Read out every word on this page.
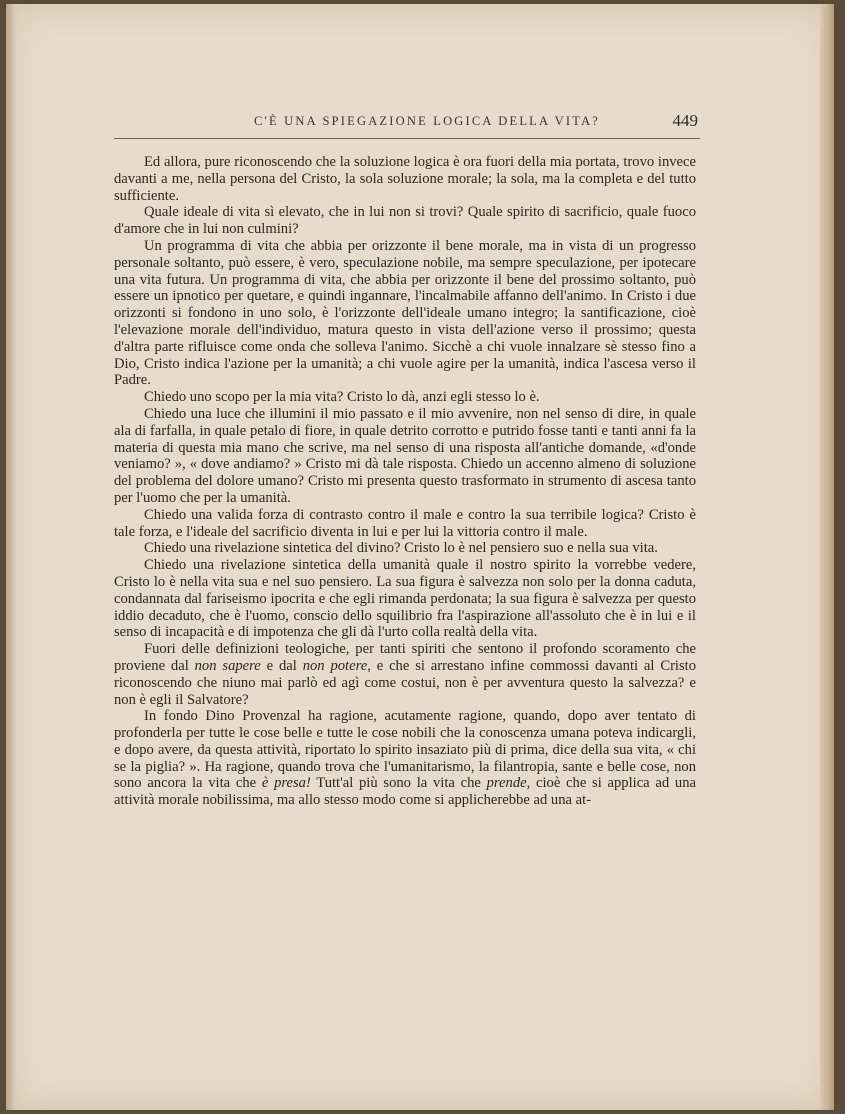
C'È UNA SPIEGAZIONE LOGICA DELLA VITA?	449

Ed allora, pure riconoscendo che la soluzione logica è ora fuori della mia portata, trovo invece davanti a me, nella persona del Cristo, la sola soluzione morale; la sola, ma la completa e del tutto sufficiente.

Quale ideale di vita sì elevato, che in lui non si trovi? Quale spirito di sacrificio, quale fuoco d'amore che in lui non culmini?

Un programma di vita che abbia per orizzonte il bene morale, ma in vista di un progresso personale soltanto, può essere, è vero, speculazione nobile, ma sempre speculazione, per ipotecare una vita futura. Un programma di vita, che abbia per orizzonte il bene del prossimo soltanto, può essere un ipnotico per quetare, e quindi ingannare, l'incalmabile affanno dell'animo. In Cristo i due orizzonti si fondono in uno solo, è l'orizzonte dell'ideale umano integro; la santificazione, cioè l'elevazione morale dell'individuo, matura questo in vista dell'azione verso il prossimo; questa d'altra parte rifluisce come onda che solleva l'animo. Sicchè a chi vuole innalzare sè stesso fino a Dio, Cristo indica l'azione per la umanità; a chi vuole agire per la umanità, indica l'ascesa verso il Padre.

Chiedo uno scopo per la mia vita? Cristo lo dà, anzi egli stesso lo è.

Chiedo una luce che illumini il mio passato e il mio avvenire, non nel senso di dire, in quale ala di farfalla, in quale petalo di fiore, in quale detrito corrotto e putrido fosse tanti e tanti anni fa la materia di questa mia mano che scrive, ma nel senso di una risposta all'antiche domande, «d'onde veniamo? », « dove andiamo? » Cristo mi dà tale risposta. Chiedo un accenno almeno di soluzione del problema del dolore umano? Cristo mi presenta questo trasformato in strumento di ascesa tanto per l'uomo che per la umanità.

Chiedo una valida forza di contrasto contro il male e contro la sua terribile logica? Cristo è tale forza, e l'ideale del sacrificio diventa in lui e per lui la vittoria contro il male.

Chiedo una rivelazione sintetica del divino? Cristo lo è nel pensiero suo e nella sua vita.

Chiedo una rivelazione sintetica della umanità quale il nostro spirito la vorrebbe vedere, Cristo lo è nella vita sua e nel suo pensiero. La sua figura è salvezza non solo per la donna caduta, condannata dal fariseismo ipocrita e che egli rimanda perdonata; la sua figura è salvezza per questo iddio decaduto, che è l'uomo, conscio dello squilibrio fra l'aspirazione all'assoluto che è in lui e il senso di incapacità e di impotenza che gli dà l'urto colla realtà della vita.

Fuori delle definizioni teologiche, per tanti spiriti che sentono il profondo scoramento che proviene dal non sapere e dal non potere, e che si arrestano infine commossi davanti al Cristo riconoscendo che niuno mai parlò ed agì come costui, non è per avventura questo la salvezza? e non è egli il Salvatore?

In fondo Dino Provenzal ha ragione, acutamente ragione, quando, dopo aver tentato di profonderla per tutte le cose belle e tutte le cose nobili che la conoscenza umana poteva indicargli, e dopo avere, da questa attività, riportato lo spirito insaziato più di prima, dice della sua vita, « chi se la piglia? ». Ha ragione, quando trova che l'umanitarismo, la filantropia, sante e belle cose, non sono ancora la vita che è presa! Tutt'al più sono la vita che prende, cioè che si applica ad una attività morale nobilissima, ma allo stesso modo come si applicherebbe ad una at-
